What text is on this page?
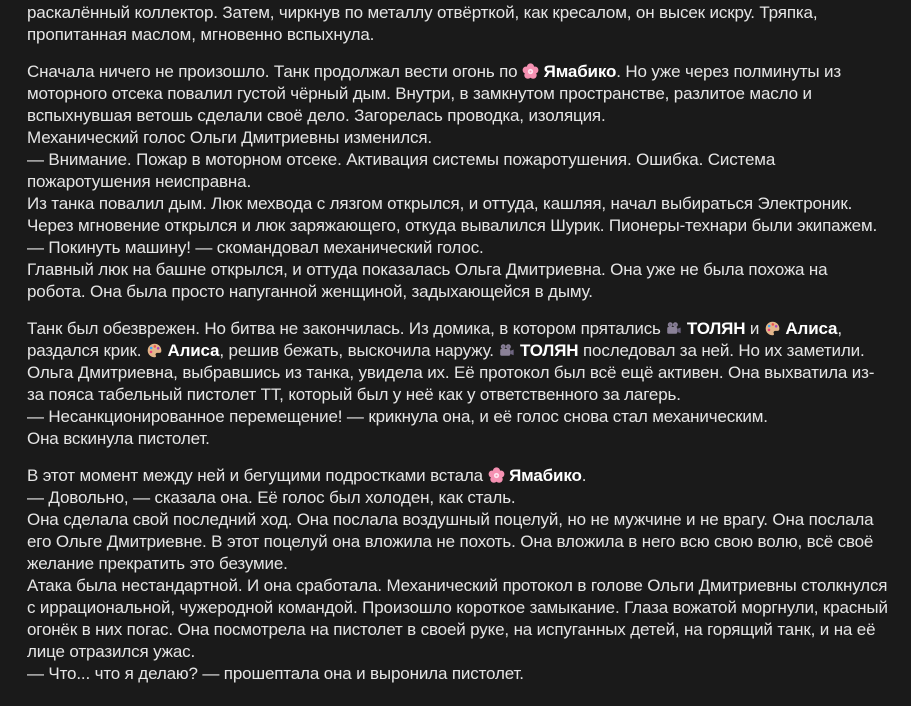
раскалённый коллектор. Затем, чиркнув по металлу отвёрткой, как кресалом, он высек искру. Тряпка, пропитанная маслом, мгновенно вспыхнула.

Сначала ничего не произошло. Танк продолжал вести огонь по
Ямабико. Но уже через полминуты из моторного отсека повалил густой чёрный дым. Внутри, в замкнутом пространстве, разлитое масло и вспыхнувшая ветошь сделали своё дело. Загорелась проводка, изоляция.
Механический голос Ольги Дмитриевны изменился.
— Внимание. Пожар в моторном отсеке. Активация системы пожаротушения. Ошибка. Система пожаротушения неисправна.
Из танка повалил дым. Люк мехвода с лязгом открылся, и оттуда, кашляя, начал выбираться Электроник.
Через мгновение открылся и люк заряжающего, откуда вывалился Шурик. Пионеры-технари были экипажем.
— Покинуть машину! — скомандовал механический голос.
Главный люк на башне открылся, и оттуда показалась Ольга Дмитриевна. Она уже не была похожа на робота. Она была просто напуганной женщиной, задыхающейся в дыму.

Танк был обезврежен. Но битва не закончилась. Из домика, в котором прятались
ТОЛЯН и
Алиса, раздался крик.
Алиса, решив бежать, выскочила наружу.
ТОЛЯН последовал за ней. Но их заметили.
Ольга Дмитриевна, выбравшись из танка, увидела их. Её протокол был всё ещё активен. Она выхватила из-за пояса табельный пистолет ТТ, который был у неё как у ответственного за лагерь.
— Несанкционированное перемещение! — крикнула она, и её голос снова стал механическим.
Она вскинула пистолет.

В этот момент между ней и бегущими подростками встала
Ямабико.
— Довольно, — сказала она. Её голос был холоден, как сталь.
Она сделала свой последний ход. Она послала воздушный поцелуй, но не мужчине и не врагу. Она послала его Ольге Дмитриевне. В этот поцелуй она вложила не похоть. Она вложила в него всю свою волю, всё своё желание прекратить это безумие.
Атака была нестандартной. И она сработала. Механический протокол в голове Ольги Дмитриевны столкнулся с иррациональной, чужеродной командой. Произошло короткое замыкание. Глаза вожатой моргнули, красный огонёк в них погас. Она посмотрела на пистолет в своей руке, на испуганных детей, на горящий танк, и на её лице отразился ужас.
— Что... что я делаю? — прошептала она и выронила пистолет.
